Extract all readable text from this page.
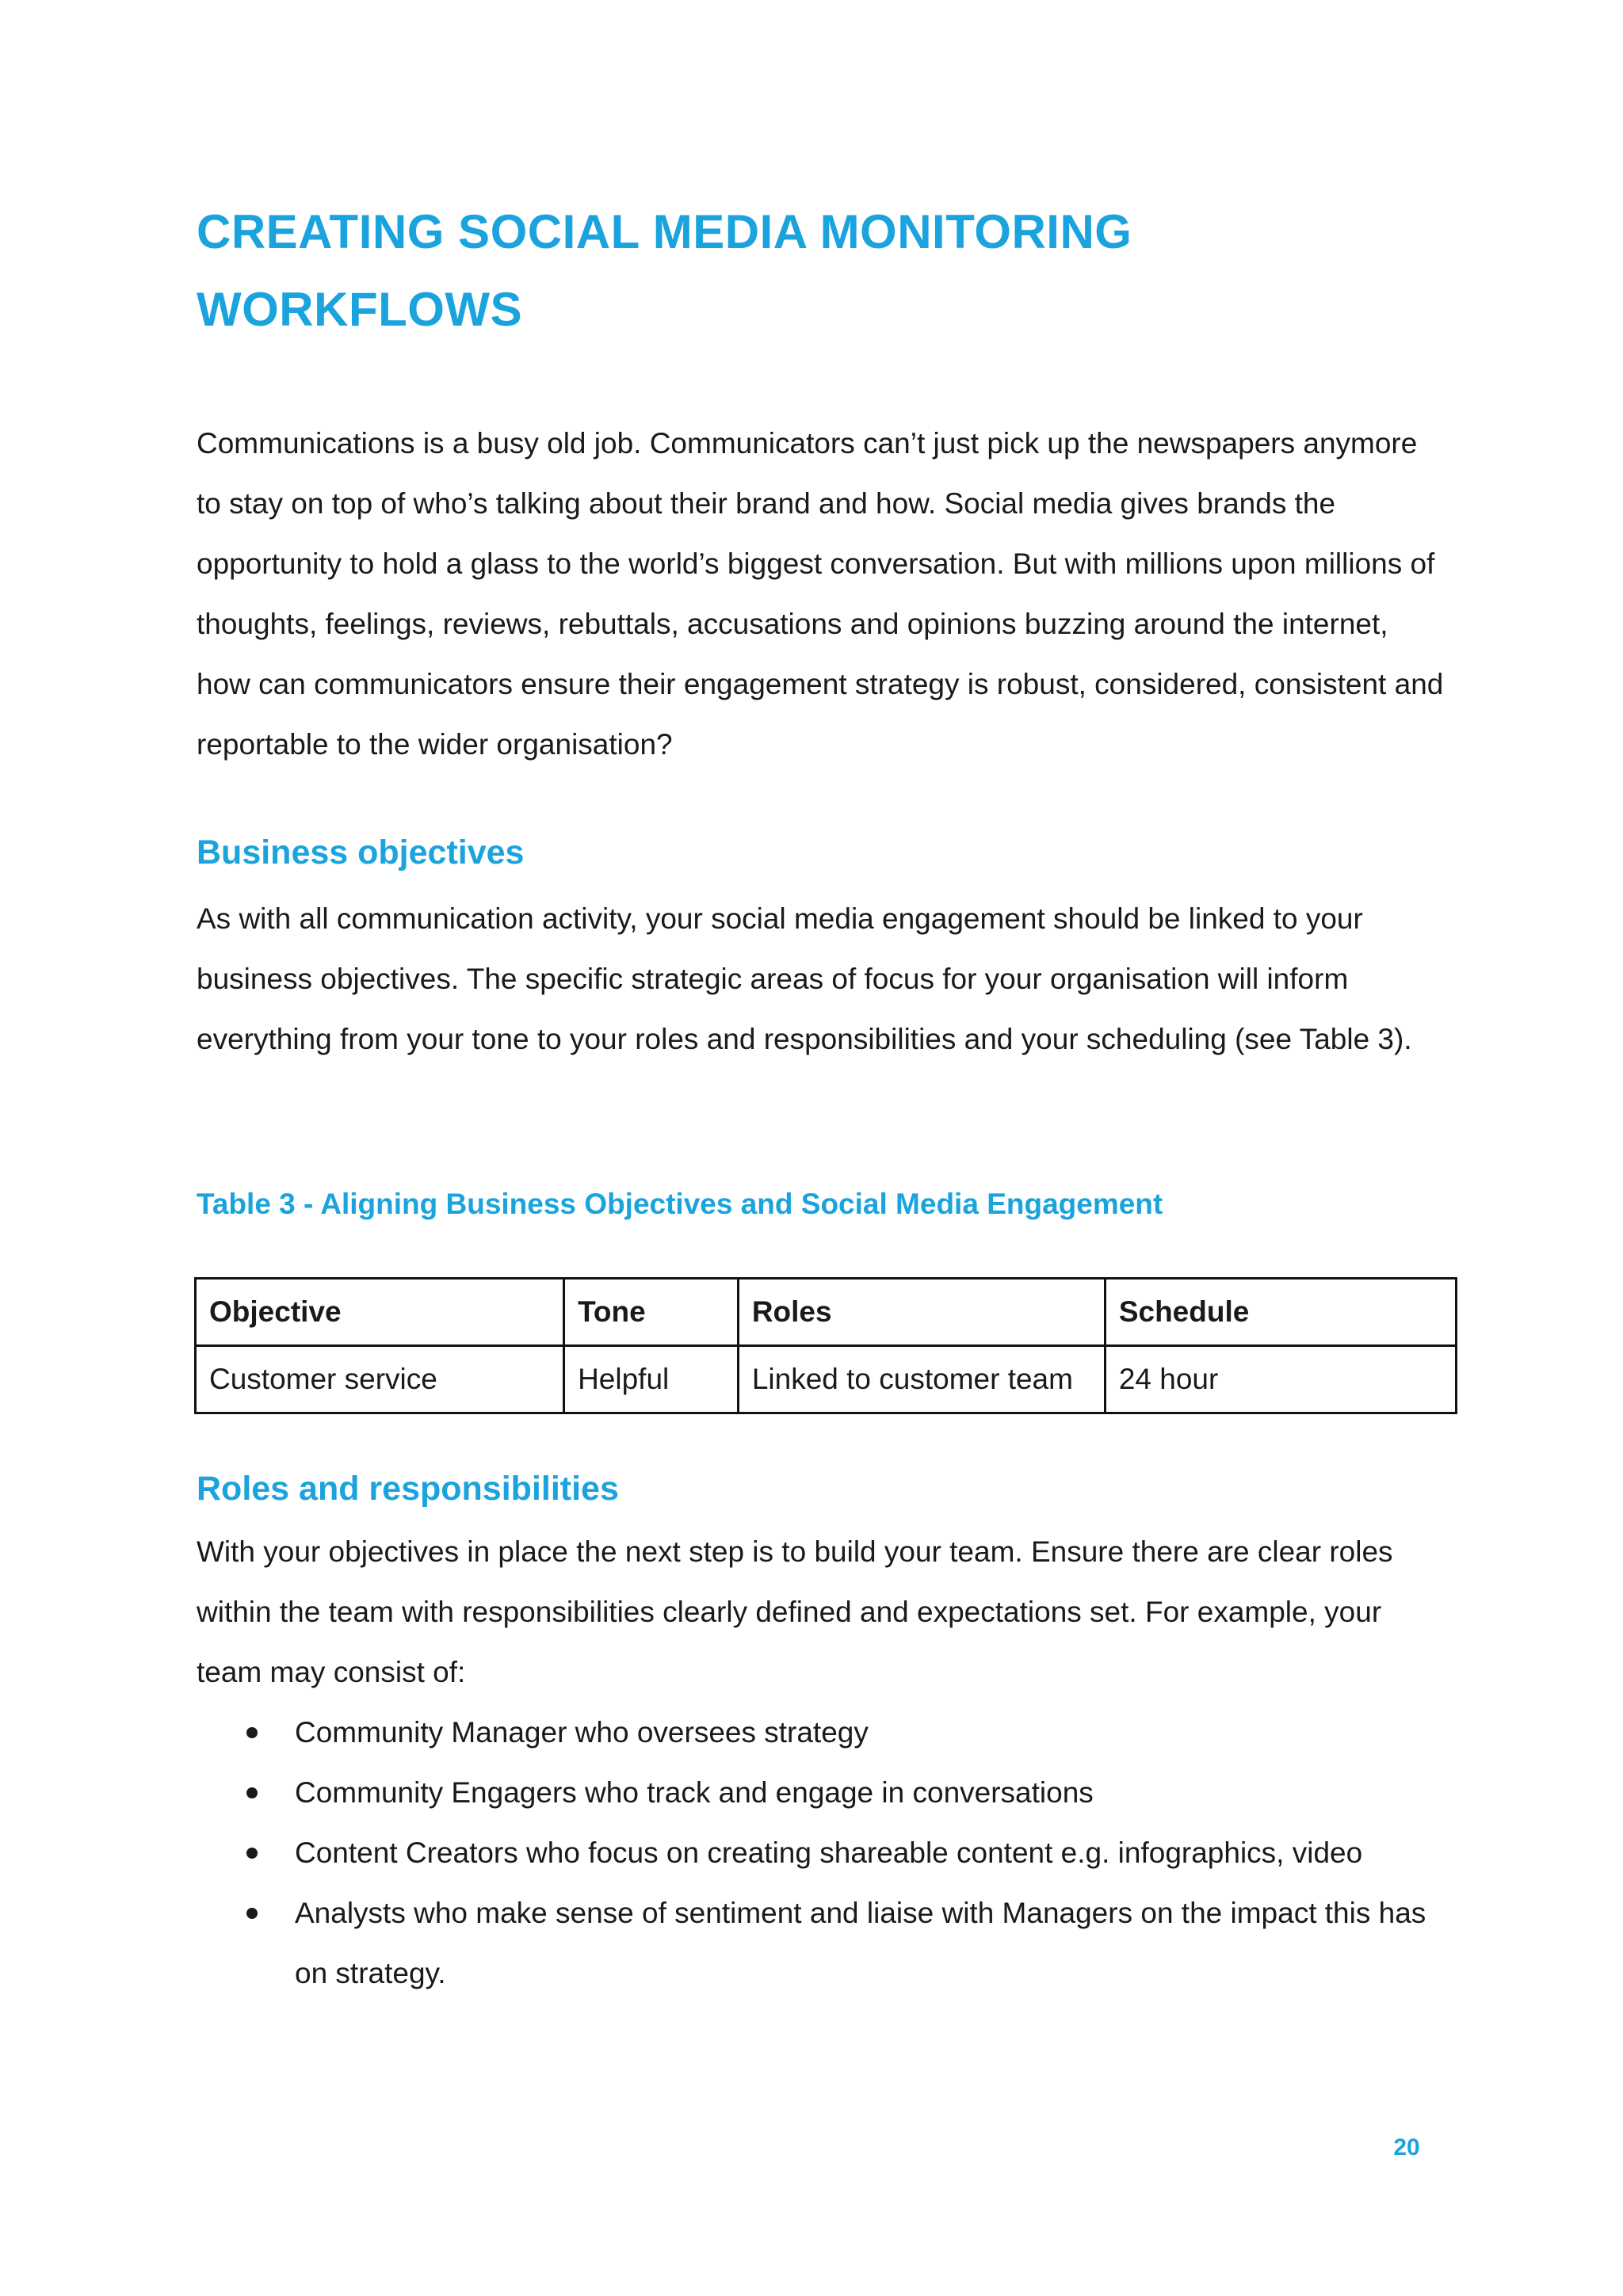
CREATING SOCIAL MEDIA MONITORING WORKFLOWS

Communications is a busy old job. Communicators can’t just pick up the newspapers anymore to stay on top of who’s talking about their brand and how. Social media gives brands the opportunity to hold a glass to the world’s biggest conversation. But with millions upon millions of thoughts, feelings, reviews, rebuttals, accusations and opinions buzzing around the internet, how can communicators ensure their engagement strategy is robust, considered, consistent and reportable to the wider organisation?

Business objectives

As with all communication activity, your social media engagement should be linked to your business objectives. The specific strategic areas of focus for your organisation will inform everything from your tone to your roles and responsibilities and your scheduling (see Table 3).

Table 3 - Aligning Business Objectives and Social Media Engagement

Objective	Tone	Roles	Schedule
Customer service	Helpful	Linked to customer team	24 hour
Roles and responsibilities

With your objectives in place the next step is to build your team. Ensure there are clear roles within the team with responsibilities clearly defined and expectations set. For example, your team may consist of:

Community Manager who oversees strategy
Community Engagers who track and engage in conversations
Content Creators who focus on creating shareable content e.g. infographics, video
Analysts who make sense of sentiment and liaise with Managers on the impact this has on strategy.
20
